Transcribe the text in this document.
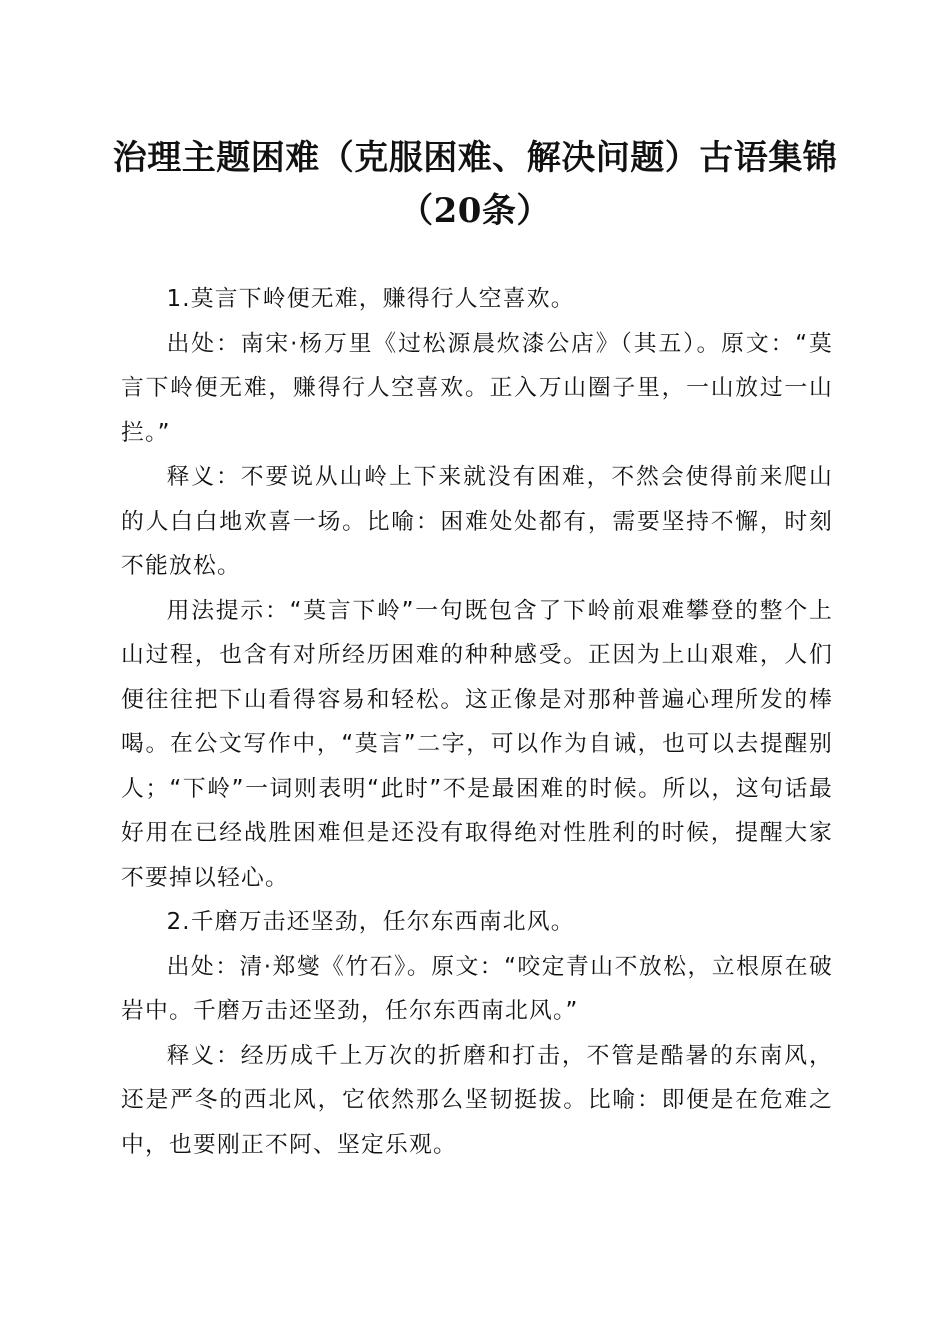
治理主题困难（克服困难、解决问题）古语集锦（20条）

1.莫言下岭便无难，赚得行人空喜欢。

出处：南宋·杨万里《过松源晨炊漆公店》（其五）。原文：“莫言下岭便无难，赚得行人空喜欢。正入万山圈子里，一山放过一山拦。”

释义：不要说从山岭上下来就没有困难，不然会使得前来爬山的人白白地欢喜一场。比喻：困难处处都有，需要坚持不懈，时刻不能放松。

用法提示：“莫言下岭”一句既包含了下岭前艰难攀登的整个上山过程，也含有对所经历困难的种种感受。正因为上山艰难，人们便往往把下山看得容易和轻松。这正像是对那种普遍心理所发的棒喝。在公文写作中，“莫言”二字，可以作为自诫，也可以去提醒别人；“下岭”一词则表明“此时”不是最困难的时候。所以，这句话最好用在已经战胜困难但是还没有取得绝对性胜利的时候，提醒大家不要掉以轻心。

2.千磨万击还坚劲，任尔东西南北风。

出处：清·郑燮《竹石》。原文：“咬定青山不放松，立根原在破岩中。千磨万击还坚劲，任尔东西南北风。”

释义：经历成千上万次的折磨和打击，不管是酷暑的东南风，还是严冬的西北风，它依然那么坚韧挺拔。比喻：即便是在危难之中，也要刚正不阿、坚定乐观。
